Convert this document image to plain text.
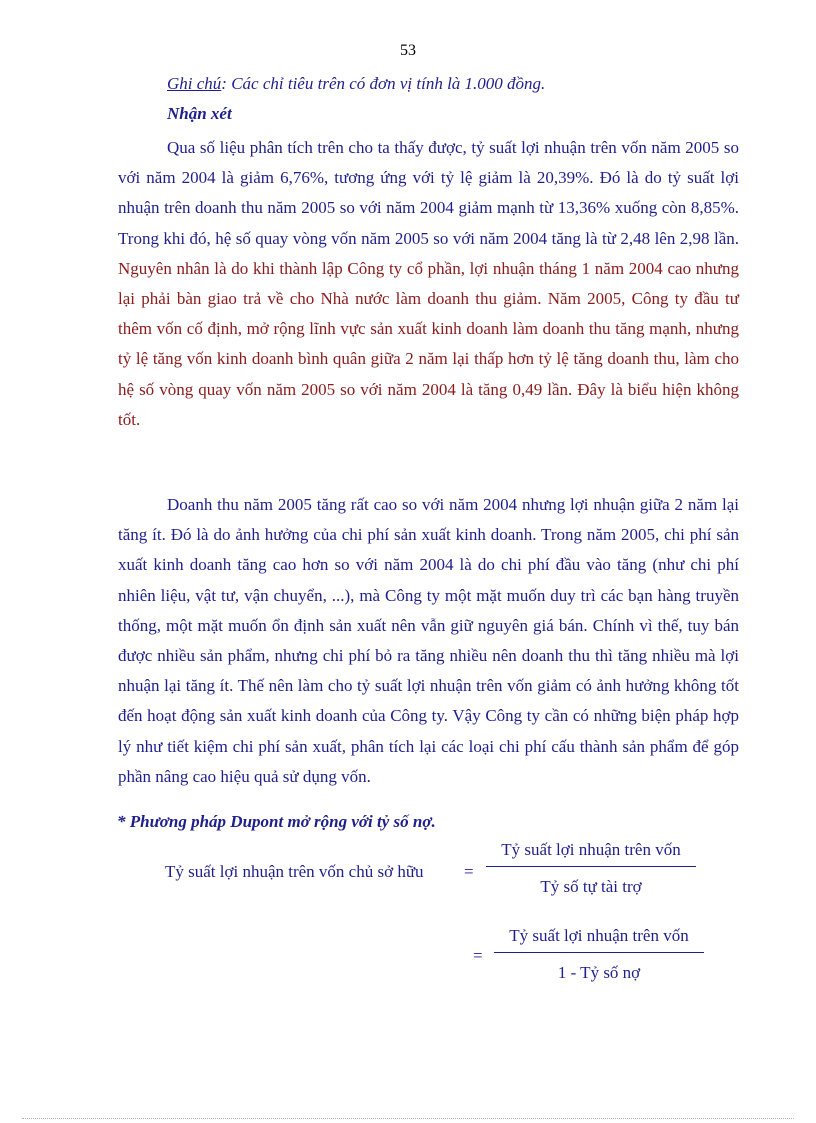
53
Ghi chú: Các chỉ tiêu trên có đơn vị tính là 1.000 đồng.
Nhận xét

Qua số liệu phân tích trên cho ta thấy được, tỷ suất lợi nhuận trên vốn năm 2005 so với năm 2004 là giảm 6,76%, tương ứng với tỷ lệ giảm là 20,39%. Đó là do tỷ suất lợi nhuận trên doanh thu năm 2005 so với năm 2004 giảm mạnh từ 13,36% xuống còn 8,85%. Trong khi đó, hệ số quay vòng vốn năm 2005 so với năm 2004 tăng là từ 2,48 lên 2,98 lần. Nguyên nhân là do khi thành lập Công ty cổ phần, lợi nhuận tháng 1 năm 2004 cao nhưng lại phải bàn giao trả về cho Nhà nước làm doanh thu giảm. Năm 2005, Công ty đầu tư thêm vốn cố định, mở rộng lĩnh vực sản xuất kinh doanh làm doanh thu tăng mạnh, nhưng tỷ lệ tăng vốn kinh doanh bình quân giữa 2 năm lại thấp hơn tỷ lệ tăng doanh thu, làm cho hệ số vòng quay vốn năm 2005 so với năm 2004 là tăng 0,49 lần. Đây là biểu hiện không tốt.

Doanh thu năm 2005 tăng rất cao so với năm 2004 nhưng lợi nhuận giữa 2 năm lại tăng ít. Đó là do ảnh hưởng của chi phí sản xuất kinh doanh. Trong năm 2005, chi phí sản xuất kinh doanh tăng cao hơn so với năm 2004 là do chi phí đầu vào tăng (như chi phí nhiên liệu, vật tư, vận chuyển, ...), mà Công ty một mặt muốn duy trì các bạn hàng truyền thống, một mặt muốn ổn định sản xuất nên vẫn giữ nguyên giá bán. Chính vì thế, tuy bán được nhiều sản phẩm, nhưng chi phí bỏ ra tăng nhiều nên doanh thu thì tăng nhiều mà lợi nhuận lại tăng ít. Thế nên làm cho tỷ suất lợi nhuận trên vốn giảm có ảnh hưởng không tốt đến hoạt động sản xuất kinh doanh của Công ty. Vậy Công ty cần có những biện pháp hợp lý như tiết kiệm chi phí sản xuất, phân tích lại các loại chi phí cấu thành sản phẩm để góp phần nâng cao hiệu quả sử dụng vốn.

* Phương pháp Dupont mở rộng với tỷ số nợ.
Tỷ suất lợi nhuận trên vốn chủ sở hữu =
Tỷ suất lợi nhuận trên vốn
Tỷ số tự tài trợ
=
Tỷ suất lợi nhuận trên vốn
1 - Tỷ số nợ
